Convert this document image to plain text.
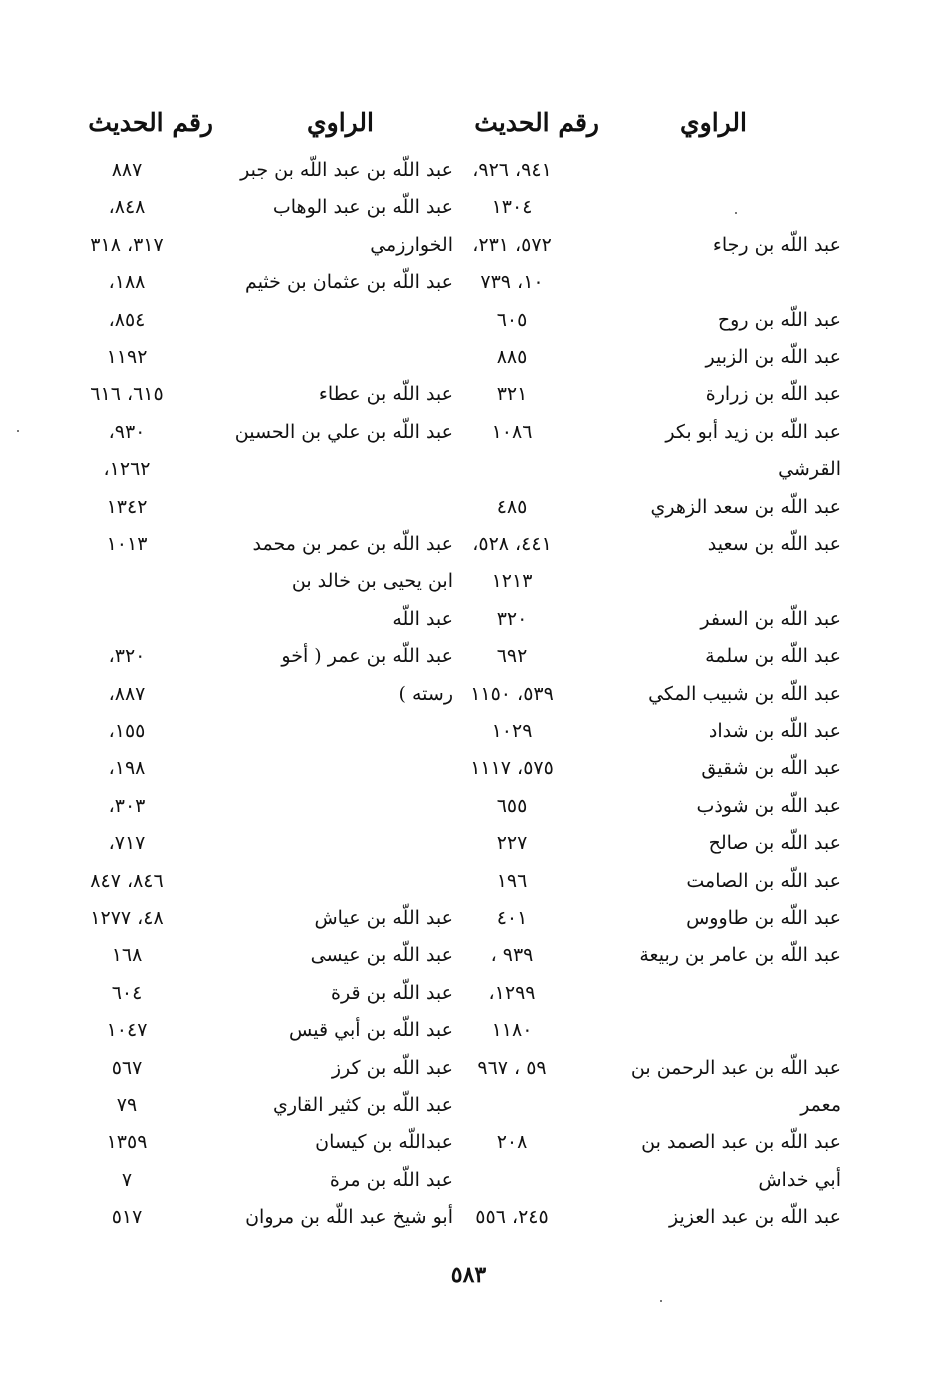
الراوي
رقم الحديث
الراوي
رقم الحديث
٩٤١، ٩٢٦،
عبد اللّه بن عبد اللّه بن جبر
٨٨٧
١٣٠٤
عبد اللّه بن عبد الوهاب
٨٤٨،
عبد اللّه بن رجاء
٥٧٢، ٢٣١،
الخوارزمي
٣١٧، ٣١٨
١٠، ٧٣٩
عبد اللّه بن عثمان بن خثيم
١٨٨،
عبد اللّه بن روح
٦٠٥
٨٥٤،
عبد اللّه بن الزبير
٨٨٥
١١٩٢
عبد اللّه بن زرارة
٣٢١
عبد اللّه بن عطاء
٦١٥، ٦١٦
عبد اللّه بن زيد أبو بكر
١٠٨٦
عبد اللّه بن علي بن الحسين
٩٣٠،
القرشي
١٢٦٢،
عبد اللّه بن سعد الزهري
٤٨٥
١٣٤٢
عبد اللّه بن سعيد
٤٤١، ٥٢٨،
عبد اللّه بن عمر بن محمد
١٠١٣
١٢١٣
ابن يحيى بن خالد بن
عبد اللّه بن السفر
٣٢٠
عبد اللّه
عبد اللّه بن سلمة
٦٩٢
عبد اللّه بن عمر ( أخو
٣٢٠،
عبد اللّه بن شبيب المكي
٥٣٩، ١١٥٠
رسته )
٨٨٧،
عبد اللّه بن شداد
١٠٢٩
١٥٥،
عبد اللّه بن شقيق
٥٧٥، ١١١٧
١٩٨،
عبد اللّه بن شوذب
٦٥٥
٣٠٣،
عبد اللّه بن صالح
٢٢٧
٧١٧،
عبد اللّه بن الصامت
١٩٦
٨٤٦، ٨٤٧
عبد اللّه بن طاووس
٤٠١
عبد اللّه بن عياش
٤٨، ١٢٧٧
عبد اللّه بن عامر بن ربيعة
٩٣٩ ،
عبد اللّه بن عيسى
١٦٨
١٢٩٩،
عبد اللّه بن قرة
٦٠٤
١١٨٠
عبد اللّه بن أبي قيس
١٠٤٧
عبد اللّه بن عبد الرحمن بن
٥٩ ، ٩٦٧
عبد اللّه بن كرز
٥٦٧
معمر
عبد اللّه بن كثير القاري
٧٩
عبد اللّه بن عبد الصمد بن
٢٠٨
عبداللّه بن كيسان
١٣٥٩
أبي خداش
عبد اللّه بن مرة
٧
عبد اللّه بن عبد العزيز
٢٤٥، ٥٥٦
أبو شيخ عبد اللّه بن مروان
٥١٧
٥٨٣
